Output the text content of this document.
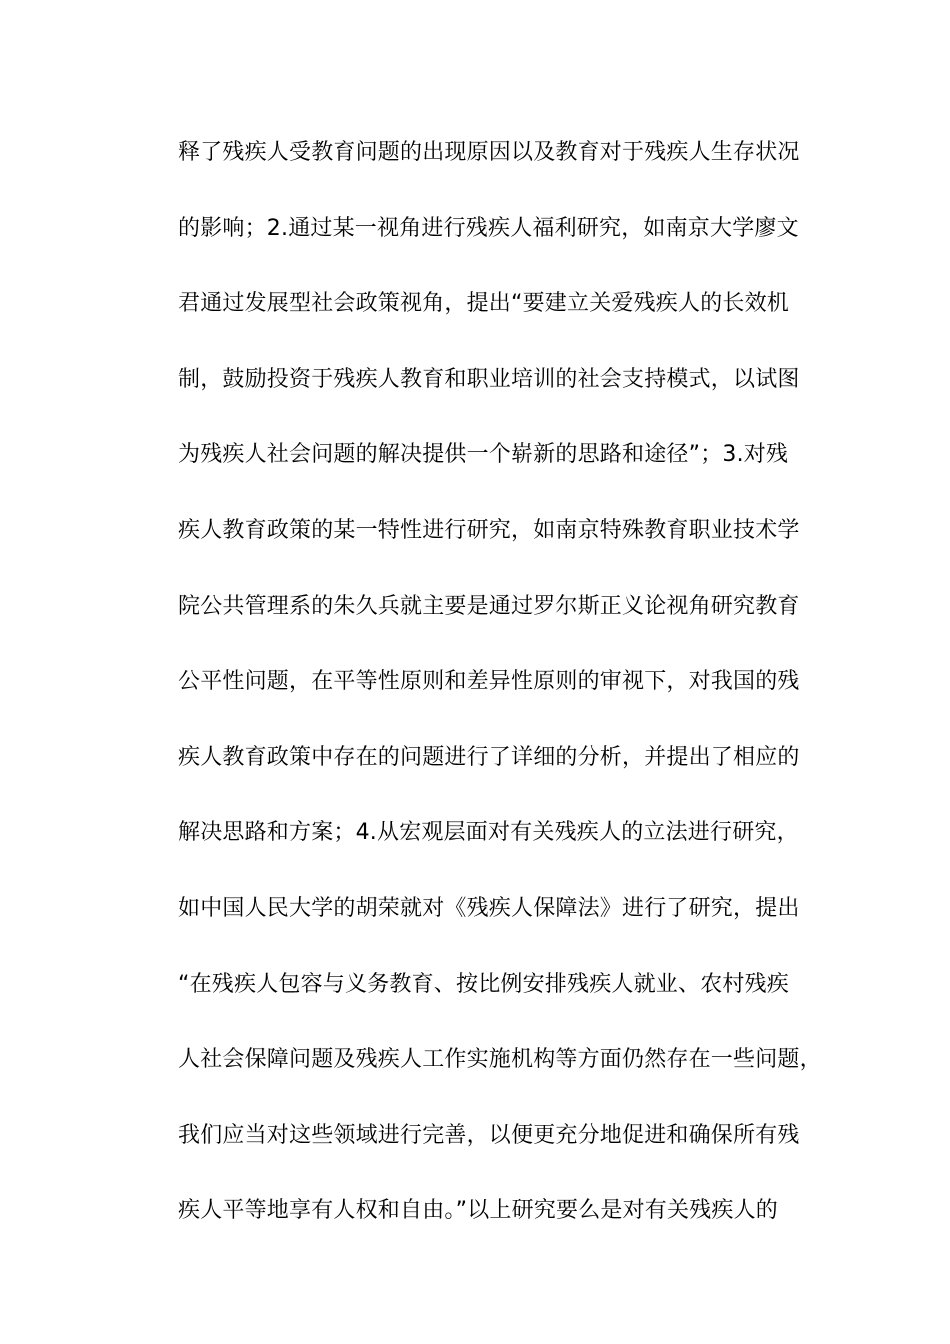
释了残疾人受教育问题的出现原因以及教育对于残疾人生存状况
的影响；2.通过某一视角进行残疾人福利研究，如南京大学廖文
君通过发展型社会政策视角，提出“要建立关爱残疾人的长效机
制，鼓励投资于残疾人教育和职业培训的社会支持模式，以试图
为残疾人社会问题的解决提供一个崭新的思路和途径”；3.对残
疾人教育政策的某一特性进行研究，如南京特殊教育职业技术学
院公共管理系的朱久兵就主要是通过罗尔斯正义论视角研究教育
公平性问题，在平等性原则和差异性原则的审视下，对我国的残
疾人教育政策中存在的问题进行了详细的分析，并提出了相应的
解决思路和方案；4.从宏观层面对有关残疾人的立法进行研究，
如中国人民大学的胡荣就对《残疾人保障法》进行了研究，提出
“在残疾人包容与义务教育、按比例安排残疾人就业、农村残疾
人社会保障问题及残疾人工作实施机构等方面仍然存在一些问题，
我们应当对这些领域进行完善，以便更充分地促进和确保所有残
疾人平等地享有人权和自由。”以上研究要么是对有关残疾人的
